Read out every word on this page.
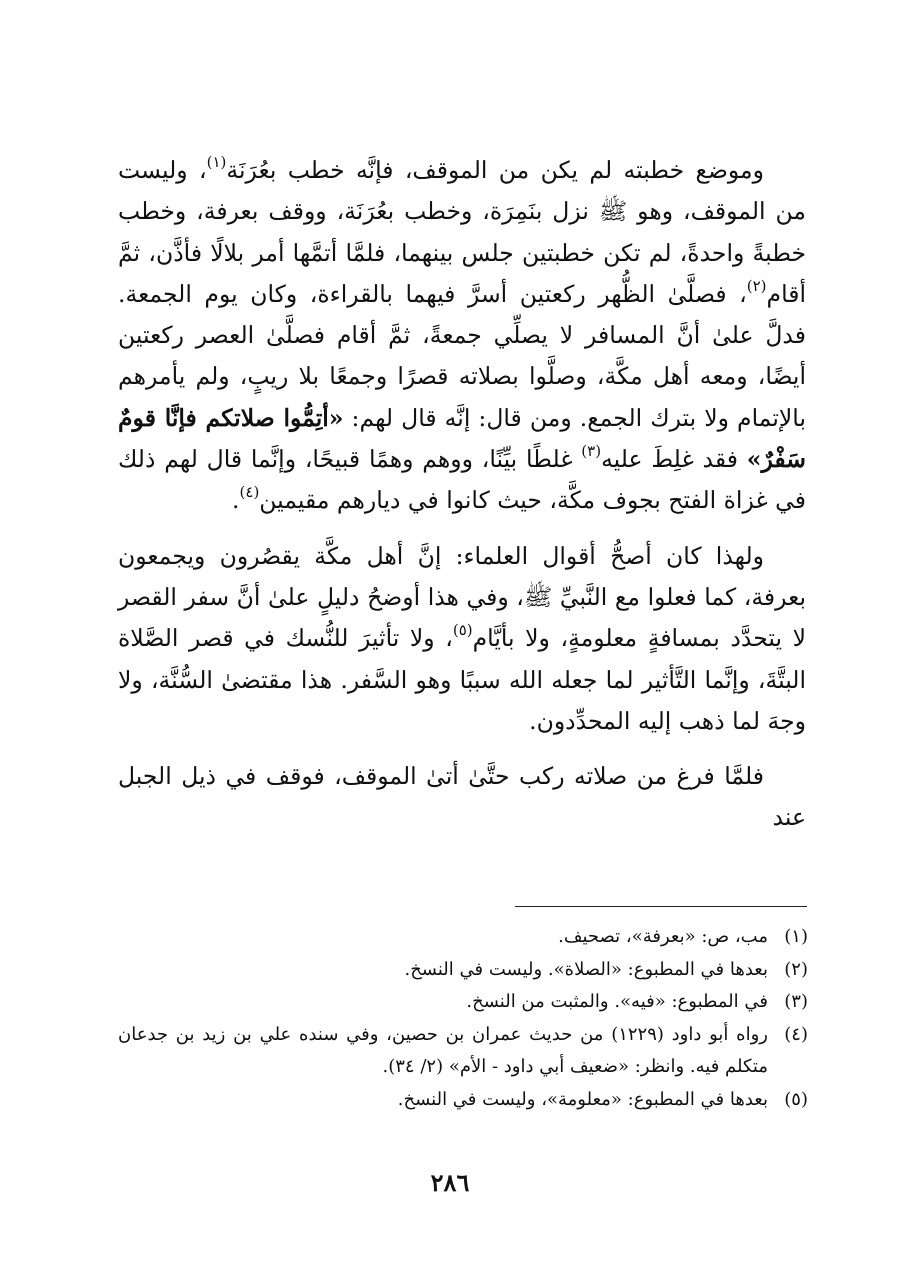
وموضع خطبته لم يكن من الموقف، فإنَّه خطب بعُرَنَة$^{(١)}$، وليست من الموقف، وهو ﷺ نزل بنَمِرَة، وخطب بعُرَنَة، ووقف بعرفة، وخطب خطبةً واحدةً، لم تكن خطبتين جلس بينهما، فلمَّا أتمَّها أمر بلالًا فأذَّن، ثمَّ أقام$^{(٢)}$، فصلَّىٰ الظُّهر ركعتين أسرَّ فيهما بالقراءة، وكان يوم الجمعة. فدلَّ علىٰ أنَّ المسافر لا يصلِّي جمعةً، ثمَّ أقام فصلَّىٰ العصر ركعتين أيضًا، ومعه أهل مكَّة، وصلَّوا بصلاته قصرًا وجمعًا بلا ريبٍ، ولم يأمرهم بالإتمام ولا بترك الجمع. ومن قال: إنَّه قال لهم: «أتِمُّوا صلاتكم فإنَّا قومٌ سَفْرٌ» فقد غلِطَ عليه$^{(٣)}$ غلطًا بيِّنًا، ووهم وهمًا قبيحًا، وإنَّما قال لهم ذلك في غزاة الفتح بجوف مكَّة، حيث كانوا في ديارهم مقيمين$^{(٤)}$.

ولهذا كان أصحُّ أقوال العلماء: إنَّ أهل مكَّة يقصُرون ويجمعون بعرفة، كما فعلوا مع النَّبيِّ ﷺ، وفي هذا أوضحُ دليلٍ علىٰ أنَّ سفر القصر لا يتحدَّد بمسافةٍ معلومةٍ، ولا بأيَّام$^{(٥)}$، ولا تأثيرَ للنُّسك في قصر الصَّلاة البتَّةَ، وإنَّما التَّأثير لما جعله الله سببًا وهو السَّفر. هذا مقتضىٰ السُّنَّة، ولا وجهَ لما ذهب إليه المحدِّدون.

فلمَّا فرغ من صلاته ركب حتَّىٰ أتىٰ الموقف، فوقف في ذيل الجبل عند

(١)
مب، ص: «بعرفة»، تصحيف.
(٢)
بعدها في المطبوع: «الصلاة». وليست في النسخ.
(٣)
في المطبوع: «فيه». والمثبت من النسخ.
(٤)
رواه أبو داود (١٢٢٩) من حديث عمران بن حصين، وفي سنده علي بن زيد بن جدعان متكلم فيه. وانظر: «ضعيف أبي داود - الأم» (٢/ ٣٤).
(٥)
بعدها في المطبوع: «معلومة»، وليست في النسخ.
٢٨٦
